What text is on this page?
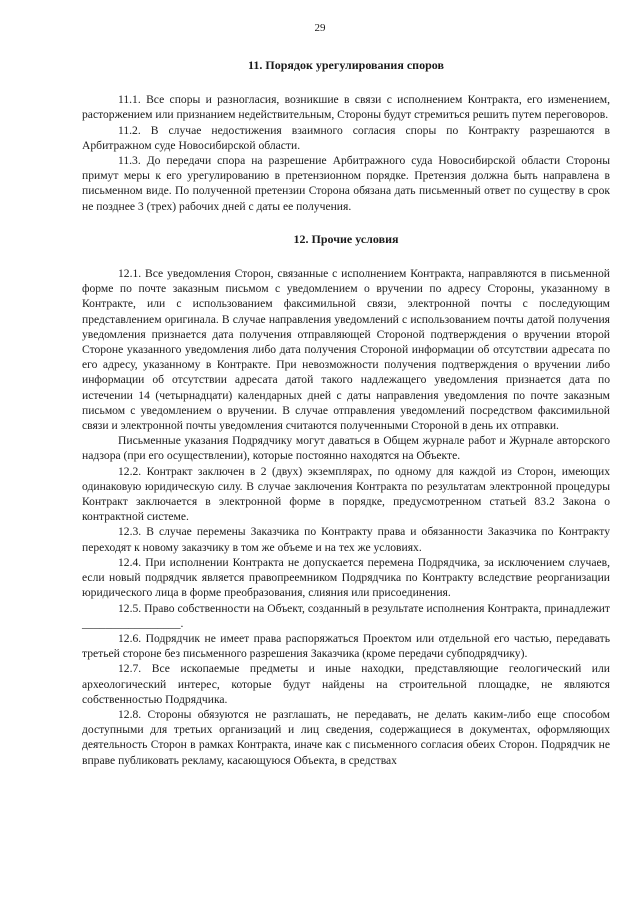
29
11. Порядок урегулирования споров

11.1. Все споры и разногласия, возникшие в связи с исполнением Контракта, его изменением, расторжением или признанием недействительным, Стороны будут стремиться решить путем переговоров.

11.2. В случае недостижения взаимного согласия споры по Контракту разрешаются в Арбитражном суде Новосибирской области.

11.3. До передачи спора на разрешение Арбитражного суда Новосибирской области Стороны примут меры к его урегулированию в претензионном порядке. Претензия должна быть направлена в письменном виде. По полученной претензии Сторона обязана дать письменный ответ по существу в срок не позднее 3 (трех) рабочих дней с даты ее получения.

12. Прочие условия

12.1. Все уведомления Сторон, связанные с исполнением Контракта, направляются в письменной форме по почте заказным письмом с уведомлением о вручении по адресу Стороны, указанному в Контракте, или с использованием факсимильной связи, электронной почты с последующим представлением оригинала. В случае направления уведомлений с использованием почты датой получения уведомления признается дата получения отправляющей Стороной подтверждения о вручении второй Стороне указанного уведомления либо дата получения Стороной информации об отсутствии адресата по его адресу, указанному в Контракте. При невозможности получения подтверждения о вручении либо информации об отсутствии адресата датой такого надлежащего уведомления признается дата по истечении 14 (четырнадцати) календарных дней с даты направления уведомления по почте заказным письмом с уведомлением о вручении. В случае отправления уведомлений посредством факсимильной связи и электронной почты уведомления считаются полученными Стороной в день их отправки.

Письменные указания Подрядчику могут даваться в Общем журнале работ и Журнале авторского надзора (при его осуществлении), которые постоянно находятся на Объекте.

12.2. Контракт заключен в 2 (двух) экземплярах, по одному для каждой из Сторон, имеющих одинаковую юридическую силу. В случае заключения Контракта по результатам электронной процедуры Контракт заключается в электронной форме в порядке, предусмотренном статьей 83.2 Закона о контрактной системе.

12.3. В случае перемены Заказчика по Контракту права и обязанности Заказчика по Контракту переходят к новому заказчику в том же объеме и на тех же условиях.

12.4. При исполнении Контракта не допускается перемена Подрядчика, за исключением случаев, если новый подрядчик является правопреемником Подрядчика по Контракту вследствие реорганизации юридического лица в форме преобразования, слияния или присоединения.

12.5. Право собственности на Объект, созданный в результате исполнения Контракта, принадлежит _________________.

12.6. Подрядчик не имеет права распоряжаться Проектом или отдельной его частью, передавать третьей стороне без письменного разрешения Заказчика (кроме передачи субподрядчику).

12.7. Все ископаемые предметы и иные находки, представляющие геологический или археологический интерес, которые будут найдены на строительной площадке, не являются собственностью Подрядчика.

12.8. Стороны обязуются не разглашать, не передавать, не делать каким-либо еще способом доступными для третьих организаций и лиц сведения, содержащиеся в документах, оформляющих деятельность Сторон в рамках Контракта, иначе как с письменного согласия обеих Сторон. Подрядчик не вправе публиковать рекламу, касающуюся Объекта, в средствах
